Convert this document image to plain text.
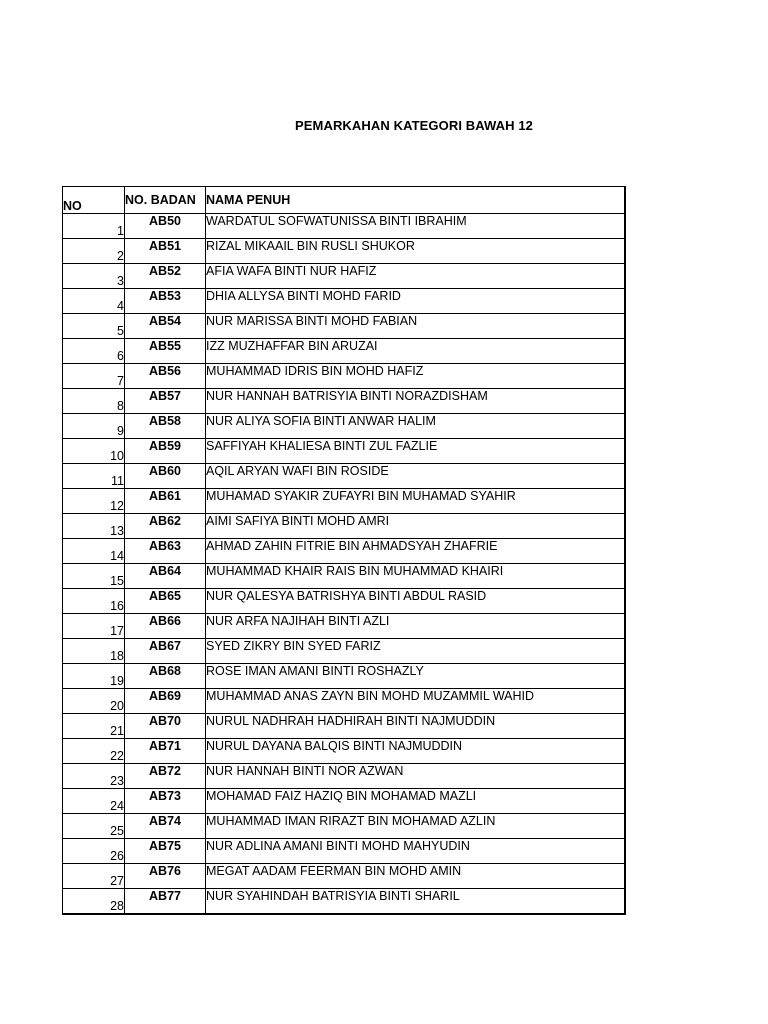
PEMARKAHAN KATEGORI BAWAH 12
NO	NO. BADAN	NAMA PENUH
1	AB50	WARDATUL SOFWATUNISSA BINTI IBRAHIM
2	AB51	RIZAL MIKAAIL BIN RUSLI SHUKOR
3	AB52	AFIA WAFA BINTI NUR HAFIZ
4	AB53	DHIA ALLYSA BINTI MOHD FARID
5	AB54	NUR MARISSA BINTI MOHD FABIAN
6	AB55	IZZ MUZHAFFAR BIN ARUZAI
7	AB56	MUHAMMAD IDRIS BIN MOHD HAFIZ
8	AB57	NUR HANNAH BATRISYIA BINTI NORAZDISHAM
9	AB58	NUR ALIYA SOFIA BINTI ANWAR HALIM
10	AB59	SAFFIYAH KHALIESA BINTI ZUL FAZLIE
11	AB60	AQIL ARYAN WAFI BIN ROSIDE
12	AB61	MUHAMAD SYAKIR ZUFAYRI BIN MUHAMAD SYAHIR
13	AB62	AIMI SAFIYA BINTI MOHD AMRI
14	AB63	AHMAD ZAHIN FITRIE BIN AHMADSYAH ZHAFRIE
15	AB64	MUHAMMAD KHAIR RAIS BIN MUHAMMAD KHAIRI
16	AB65	NUR QALESYA BATRISHYA BINTI ABDUL RASID
17	AB66	NUR ARFA NAJIHAH BINTI AZLI
18	AB67	SYED ZIKRY BIN SYED FARIZ
19	AB68	ROSE IMAN AMANI BINTI ROSHAZLY
20	AB69	MUHAMMAD ANAS ZAYN BIN MOHD MUZAMMIL WAHID
21	AB70	NURUL NADHRAH HADHIRAH BINTI NAJMUDDIN
22	AB71	NURUL DAYANA BALQIS BINTI NAJMUDDIN
23	AB72	NUR HANNAH BINTI NOR AZWAN
24	AB73	MOHAMAD FAIZ HAZIQ BIN MOHAMAD MAZLI
25	AB74	MUHAMMAD IMAN RIRAZT BIN MOHAMAD AZLIN
26	AB75	NUR ADLINA AMANI BINTI MOHD MAHYUDIN
27	AB76	MEGAT AADAM FEERMAN BIN MOHD AMIN
28	AB77	NUR SYAHINDAH BATRISYIA BINTI SHARIL
